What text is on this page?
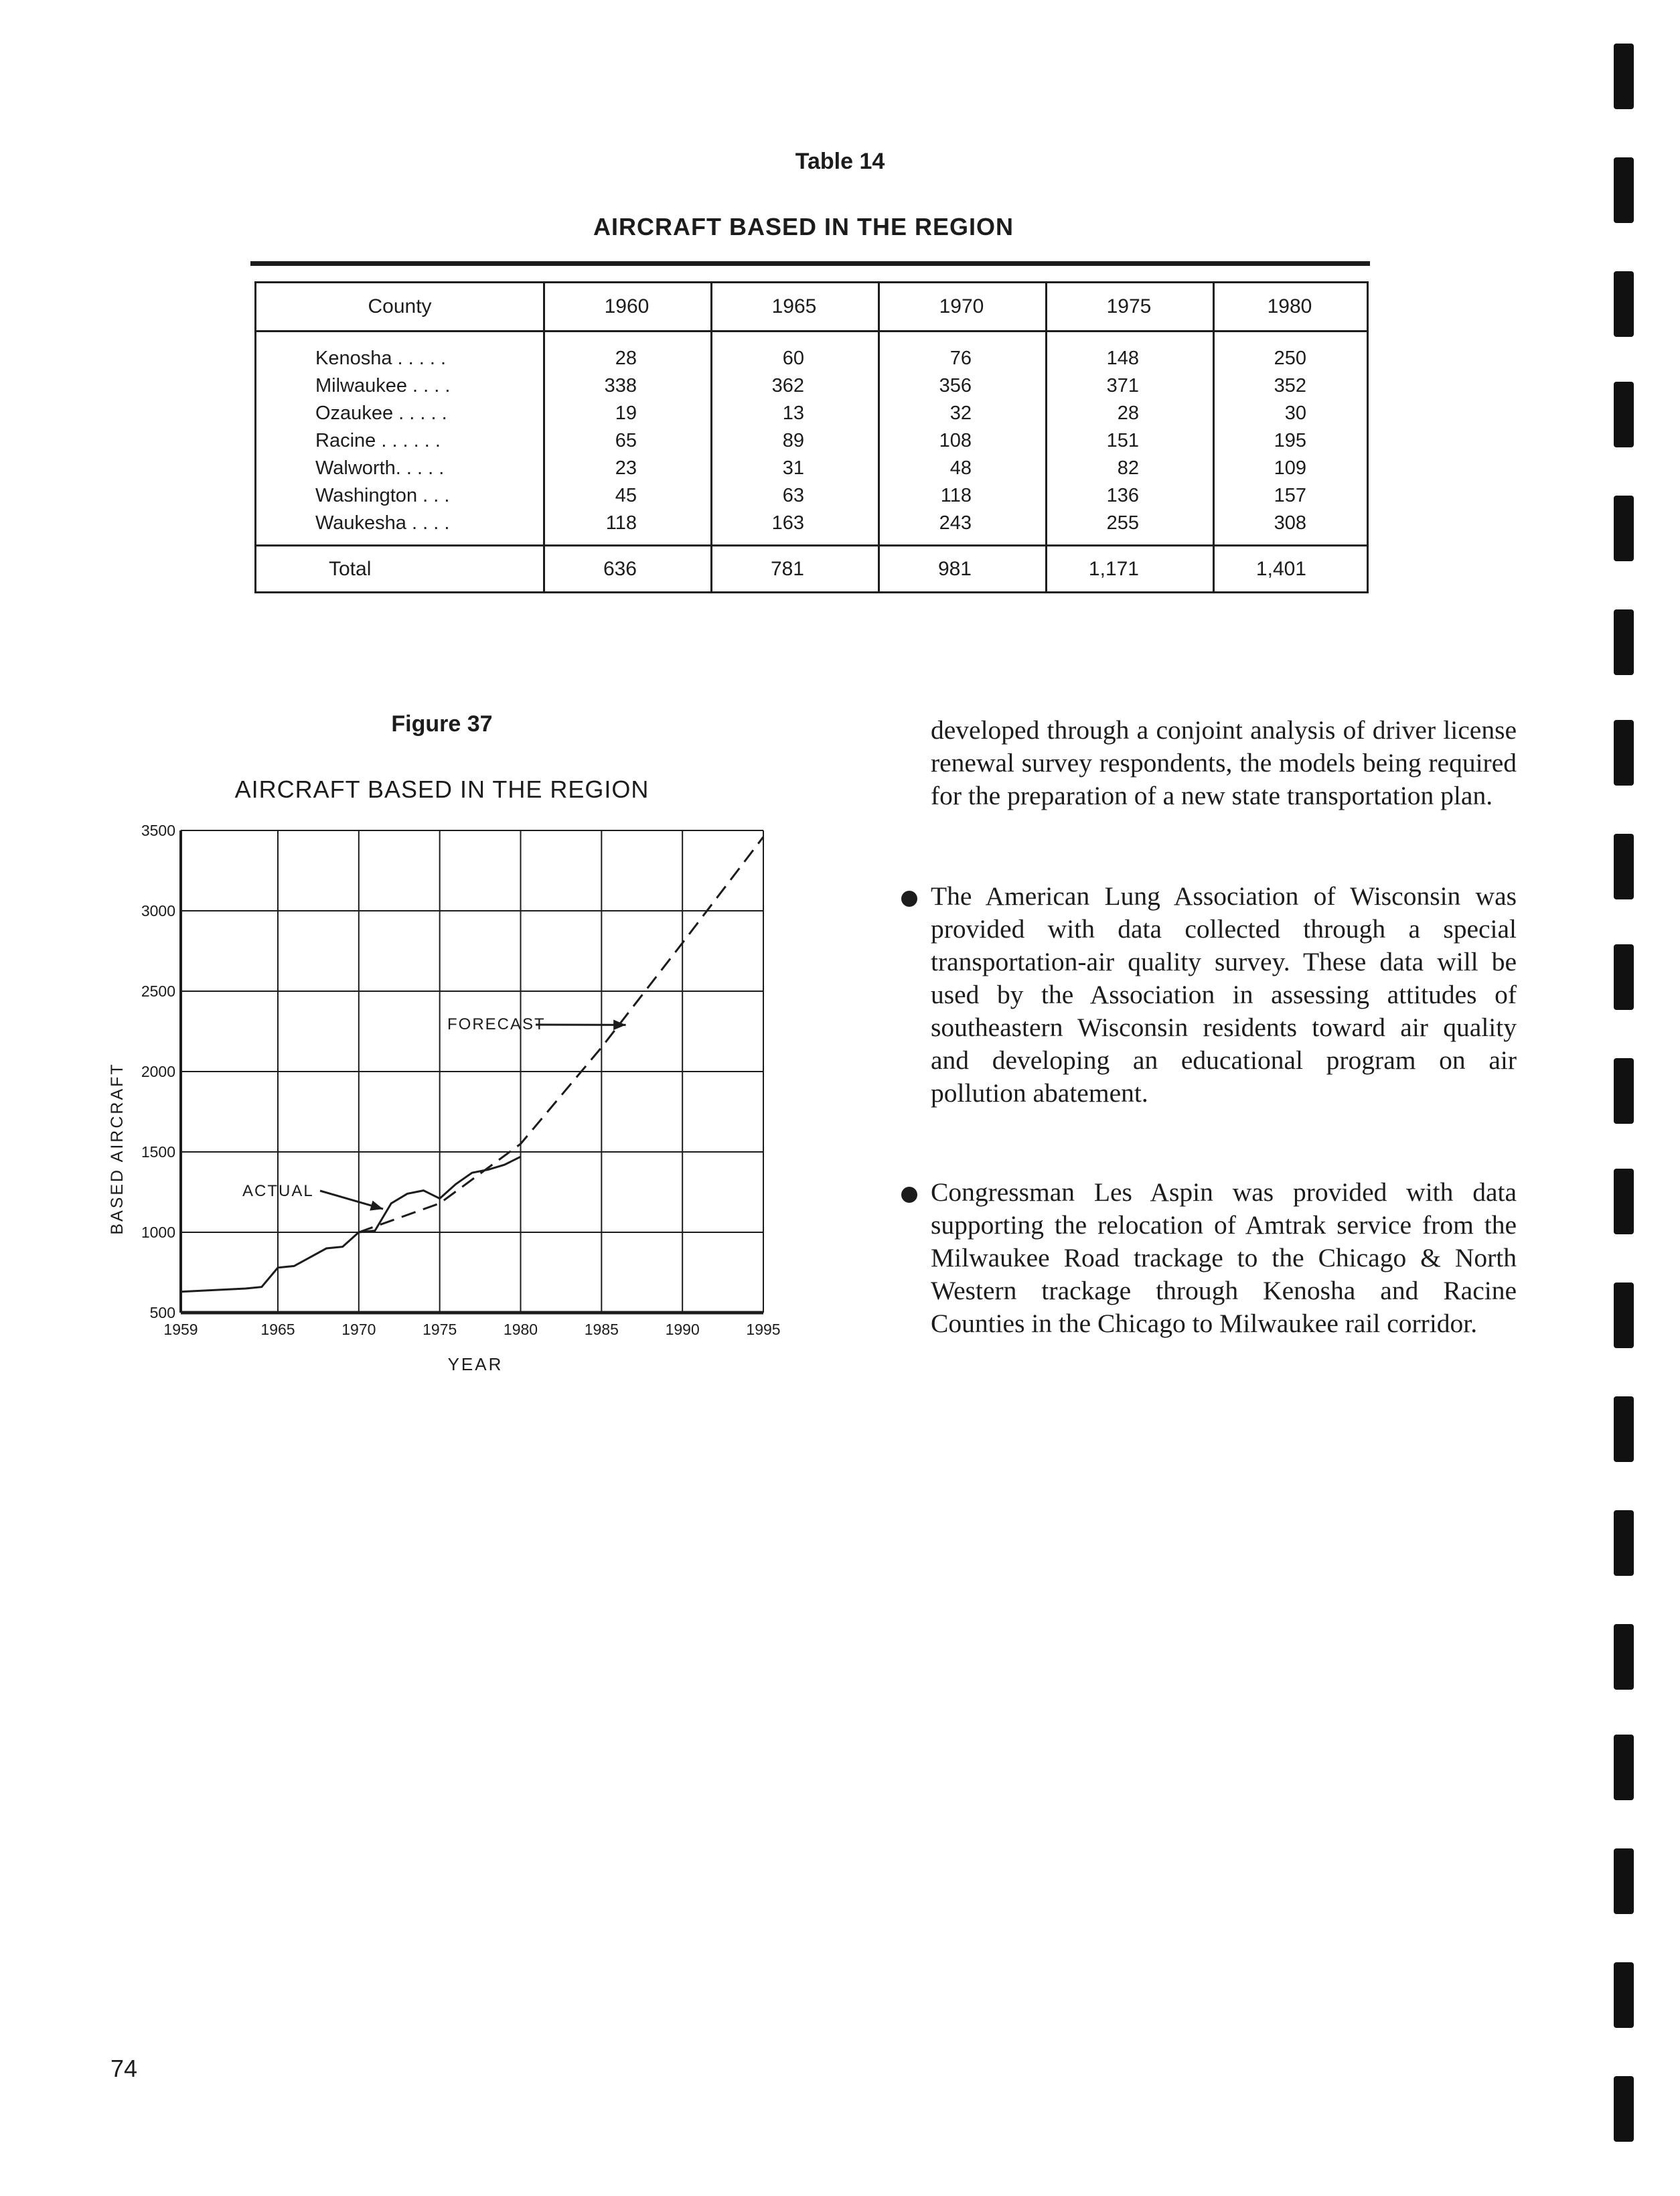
Table 14
AIRCRAFT BASED IN THE REGION
County	1960	1965	1970	1975	1980
Kenosha . . . . .	28	60	76	148	250
Milwaukee . . . .	338	362	356	371	352
Ozaukee . . . . .	19	13	32	28	30
Racine . . . . . .	65	89	108	151	195
Walworth. . . . .	23	31	48	82	109
Washington . . .	45	63	118	136	157
Waukesha . . . .	118	163	243	255	308
Total	636	781	981	1,171	1,401
Figure 37
AIRCRAFT BASED IN THE REGION
500
1000
1500
2000
2500
3000
3500
1959	1965	1970	1975	1980	1985	1990	1995
ACTUAL
FORECAST
BASED AIRCRAFT
YEAR
developed through a conjoint analysis of driver license renewal survey respondents, the models being required for the preparation of a new state transportation plan.
The American Lung Association of Wisconsin was provided with data collected through a special transportation-air quality survey. These data will be used by the Association in assessing attitudes of southeastern Wisconsin residents toward air quality and developing an educational program on air pollution abatement.
Congressman Les Aspin was provided with data supporting the relocation of Amtrak service from the Milwaukee Road trackage to the Chicago & North Western trackage through Kenosha and Racine Counties in the Chicago to Milwaukee rail corridor.
74
